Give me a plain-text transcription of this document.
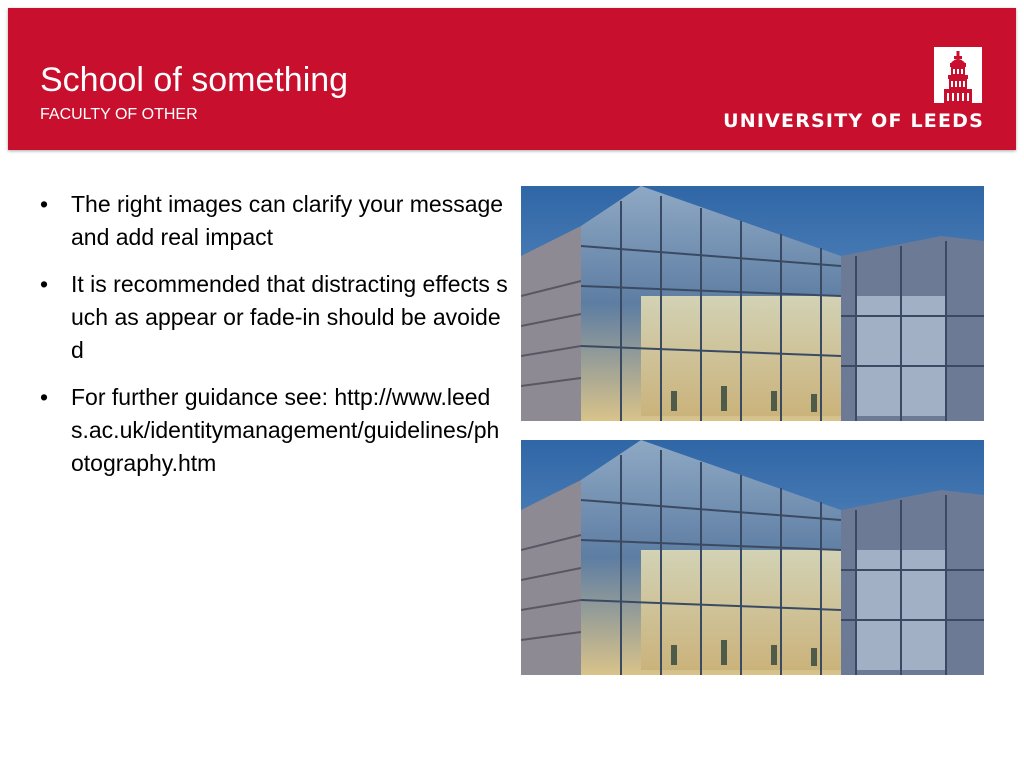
School of something
FACULTY OF OTHER	UNIVERSITY OF LEEDS
• The right images can clarify your message and add real impact
• It is recommended that distracting effects such as appear or fade-in should be avoided
• For further guidance see: http://www.leeds.ac.uk/identitymanagement/guidelines/photography.htm
